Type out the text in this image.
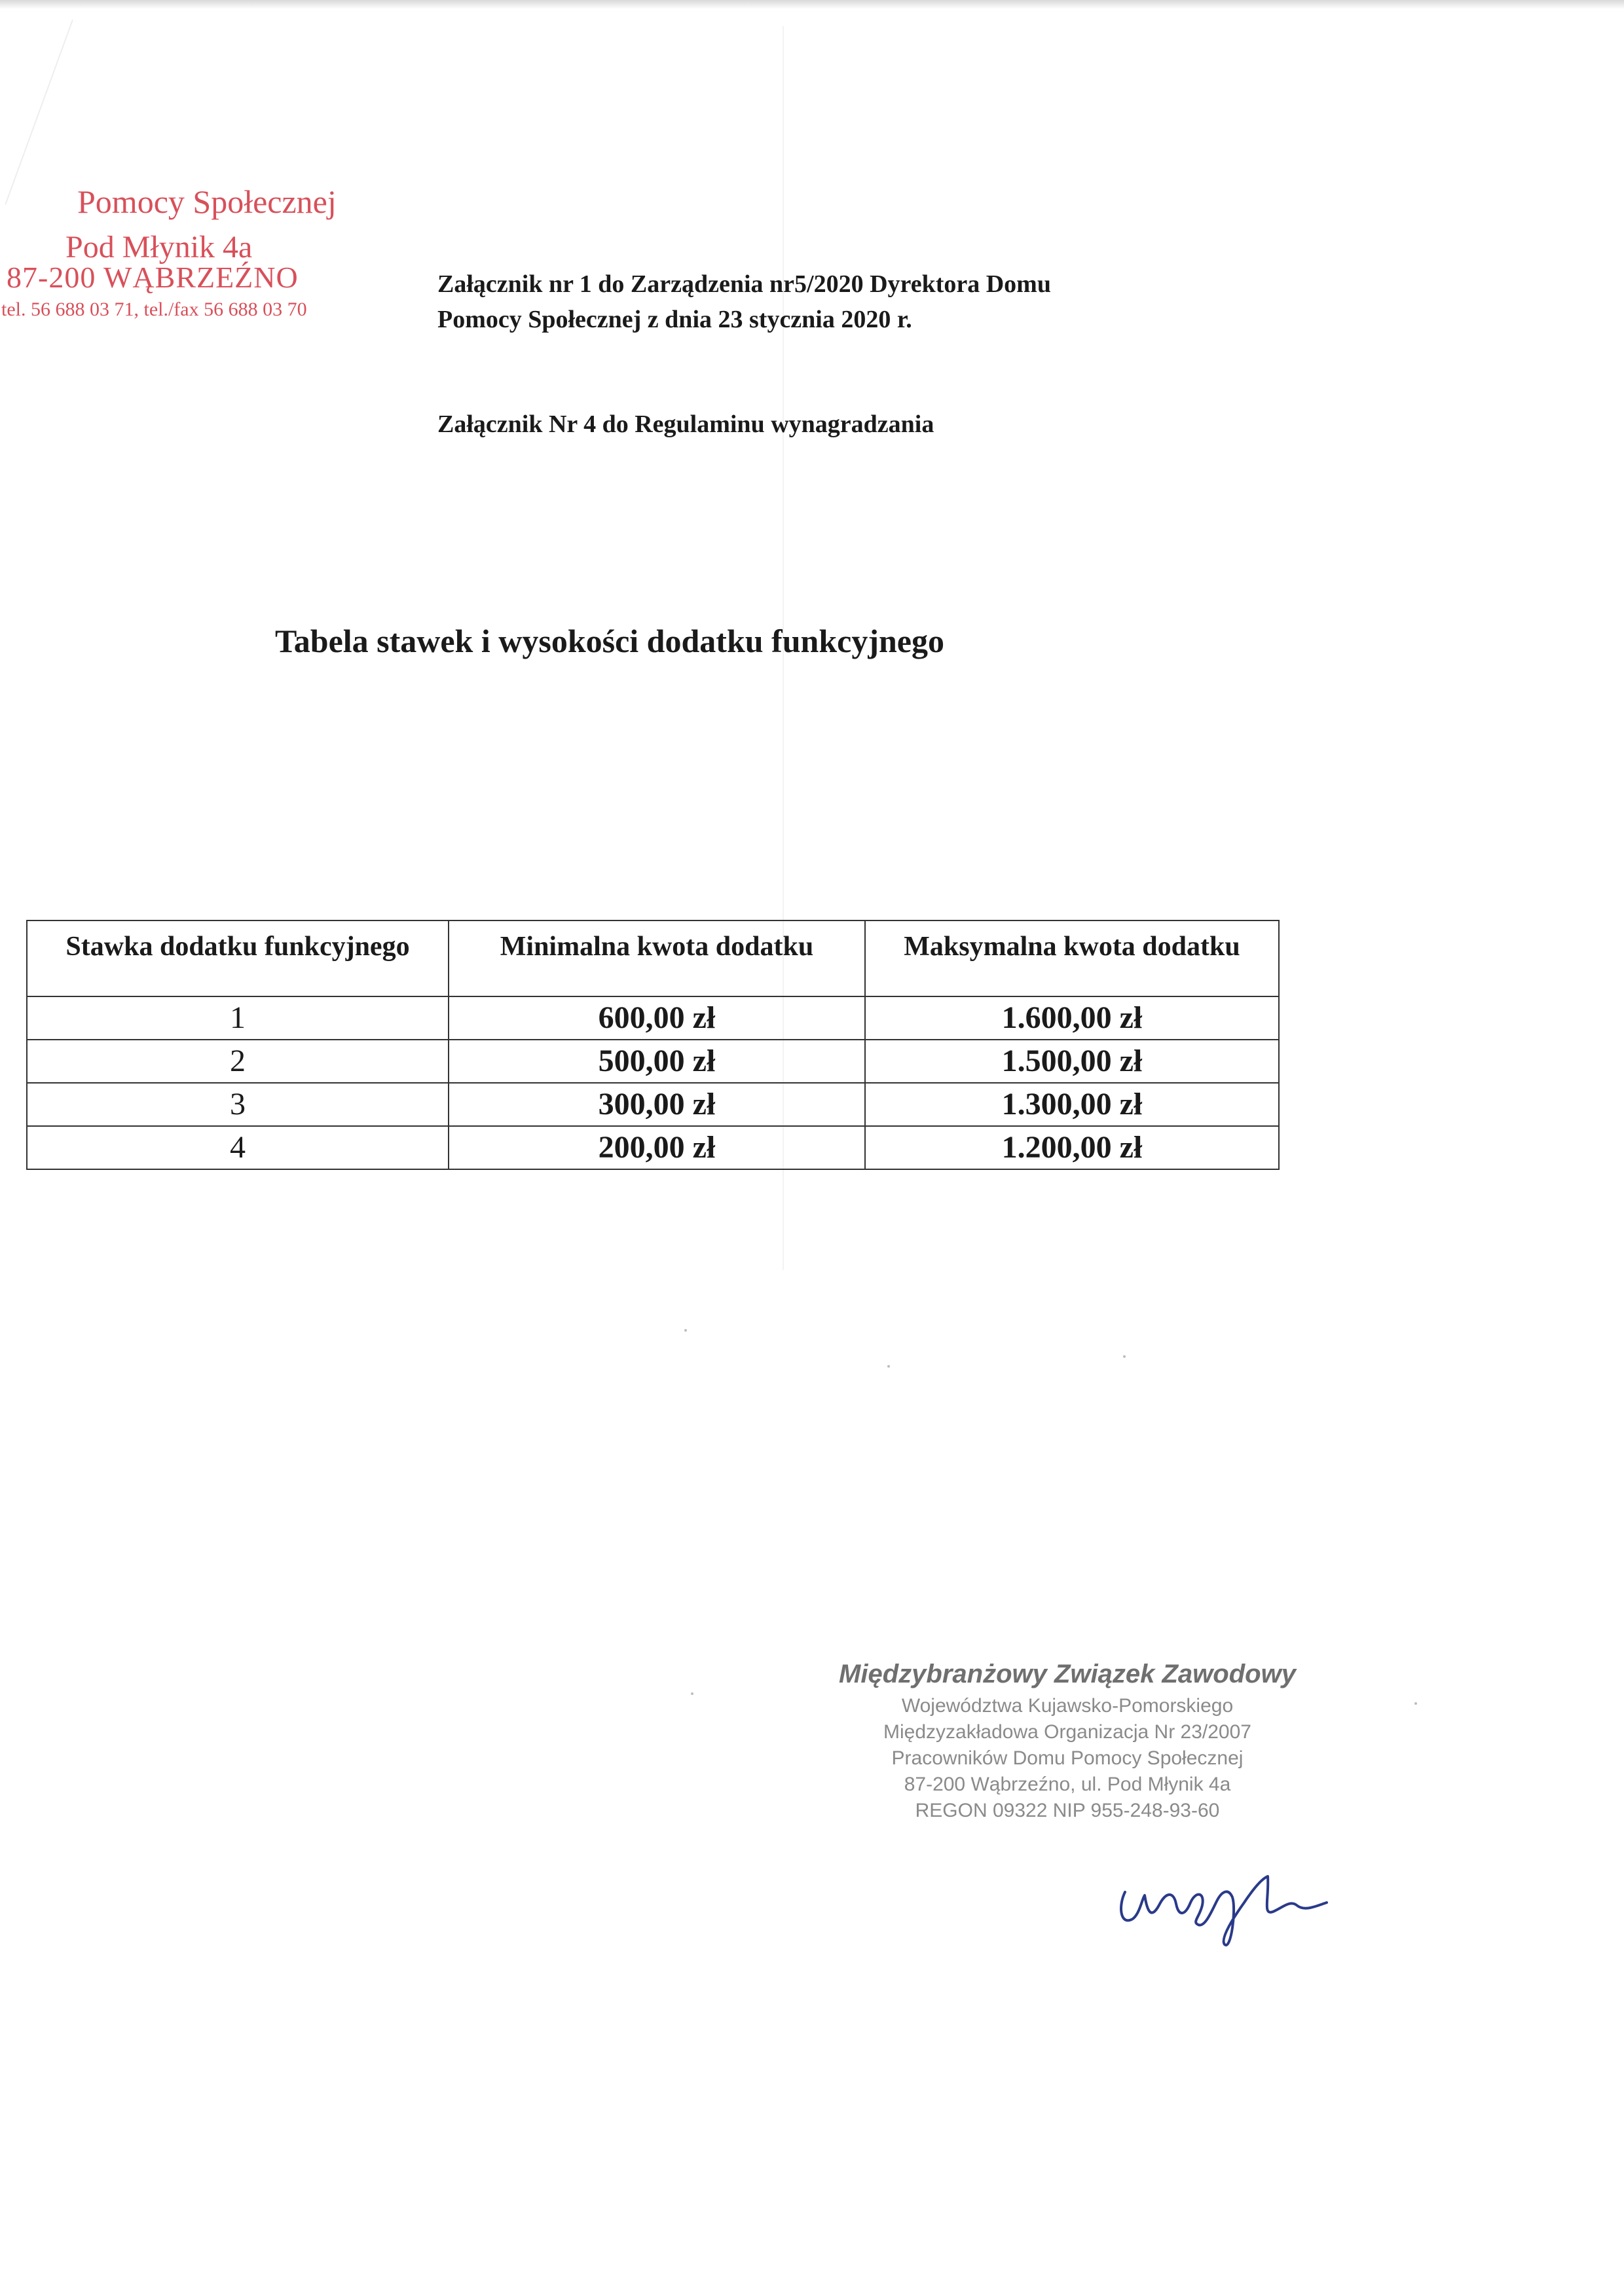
Pomocy Społecznej
Pod Młynik 4a
87-200 WĄBRZEŹNO
tel. 56 688 03 71, tel./fax 56 688 03 70
Załącznik nr 1 do Zarządzenia nr5/2020 Dyrektora Domu
Pomocy Społecznej z dnia 23 stycznia 2020 r.
Załącznik Nr 4 do Regulaminu wynagradzania
Tabela stawek i wysokości dodatku funkcyjnego
Stawka dodatku funkcyjnego	Minimalna kwota dodatku	Maksymalna kwota dodatku
1	600,00 zł	1.600,00 zł
2	500,00 zł	1.500,00 zł
3	300,00 zł	1.300,00 zł
4	200,00 zł	1.200,00 zł
Międzybranżowy Związek Zawodowy
Województwa Kujawsko-Pomorskiego
Międzyzakładowa Organizacja Nr 23/2007
Pracowników Domu Pomocy Społecznej
87-200 Wąbrzeźno, ul. Pod Młynik 4a
REGON 09322 NIP 955-248-93-60
